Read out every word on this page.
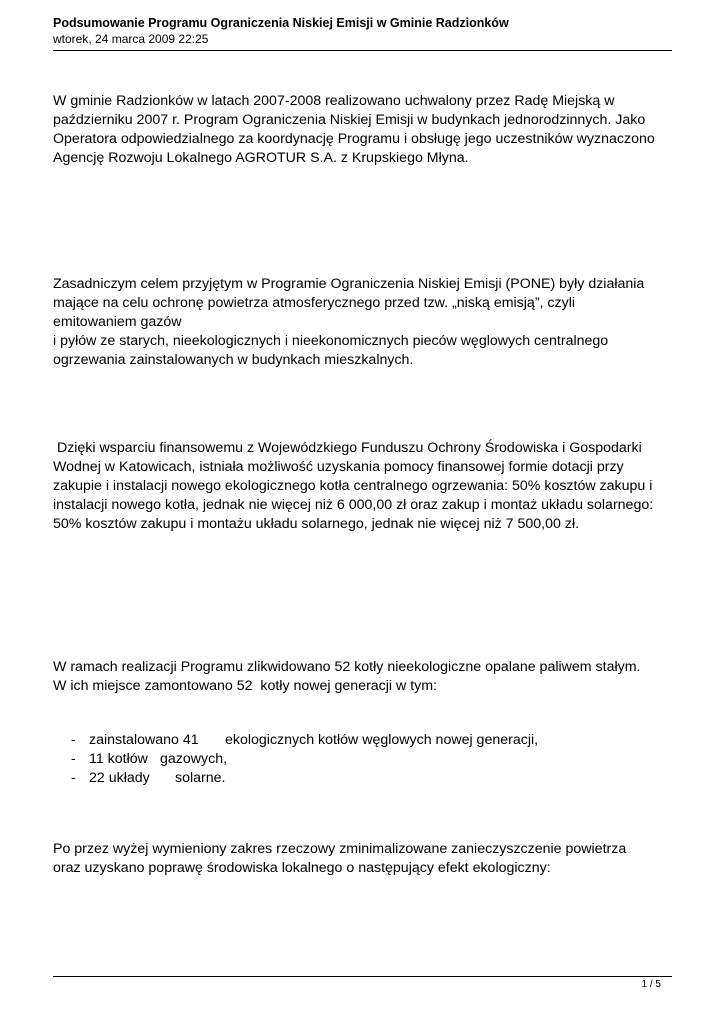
Podsumowanie Programu Ograniczenia Niskiej Emisji w Gminie Radzionków
wtorek, 24 marca 2009 22:25
W gminie Radzionków w latach 2007-2008 realizowano uchwalony przez Radę Miejską w
październiku 2007 r. Program Ograniczenia Niskiej Emisji w budynkach jednorodzinnych. Jako
Operatora odpowiedzialnego za koordynację Programu i obsługę jego uczestników wyznaczono
Agencję Rozwoju Lokalnego AGROTUR S.A. z Krupskiego Młyna.
Zasadniczym celem przyjętym w Programie Ograniczenia Niskiej Emisji (PONE) były działania
mające na celu ochronę powietrza atmosferycznego przed tzw. „niską emisją”, czyli
emitowaniem gazów
i pyłów ze starych, nieekologicznych i nieekonomicznych pieców węglowych centralnego
ogrzewania zainstalowanych w budynkach mieszkalnych.
Dzięki wsparciu finansowemu z Wojewódzkiego Funduszu Ochrony Środowiska i Gospodarki
Wodnej w Katowicach, istniała możliwość uzyskania pomocy finansowej formie dotacji przy
zakupie i instalacji nowego ekologicznego kotła centralnego ogrzewania: 50% kosztów zakupu i
instalacji nowego kotła, jednak nie więcej niż 6 000,00 zł oraz zakup i montaż układu solarnego:
50% kosztów zakupu i montażu układu solarnego, jednak nie więcej niż 7 500,00 zł.
W ramach realizacji Programu zlikwidowano 52 kotły nieekologiczne opalane paliwem stałym.
W ich miejsce zamontowano 52  kotły nowej generacji w tym:
- zainstalowano 41 ekologicznych kotłów węglowych nowej generacji,
- 11 kotłów gazowych,
- 22 układy solarne.
Po przez wyżej wymieniony zakres rzeczowy zminimalizowane zanieczyszczenie powietrza
oraz uzyskano poprawę środowiska lokalnego o następujący efekt ekologiczny:
1 / 5
